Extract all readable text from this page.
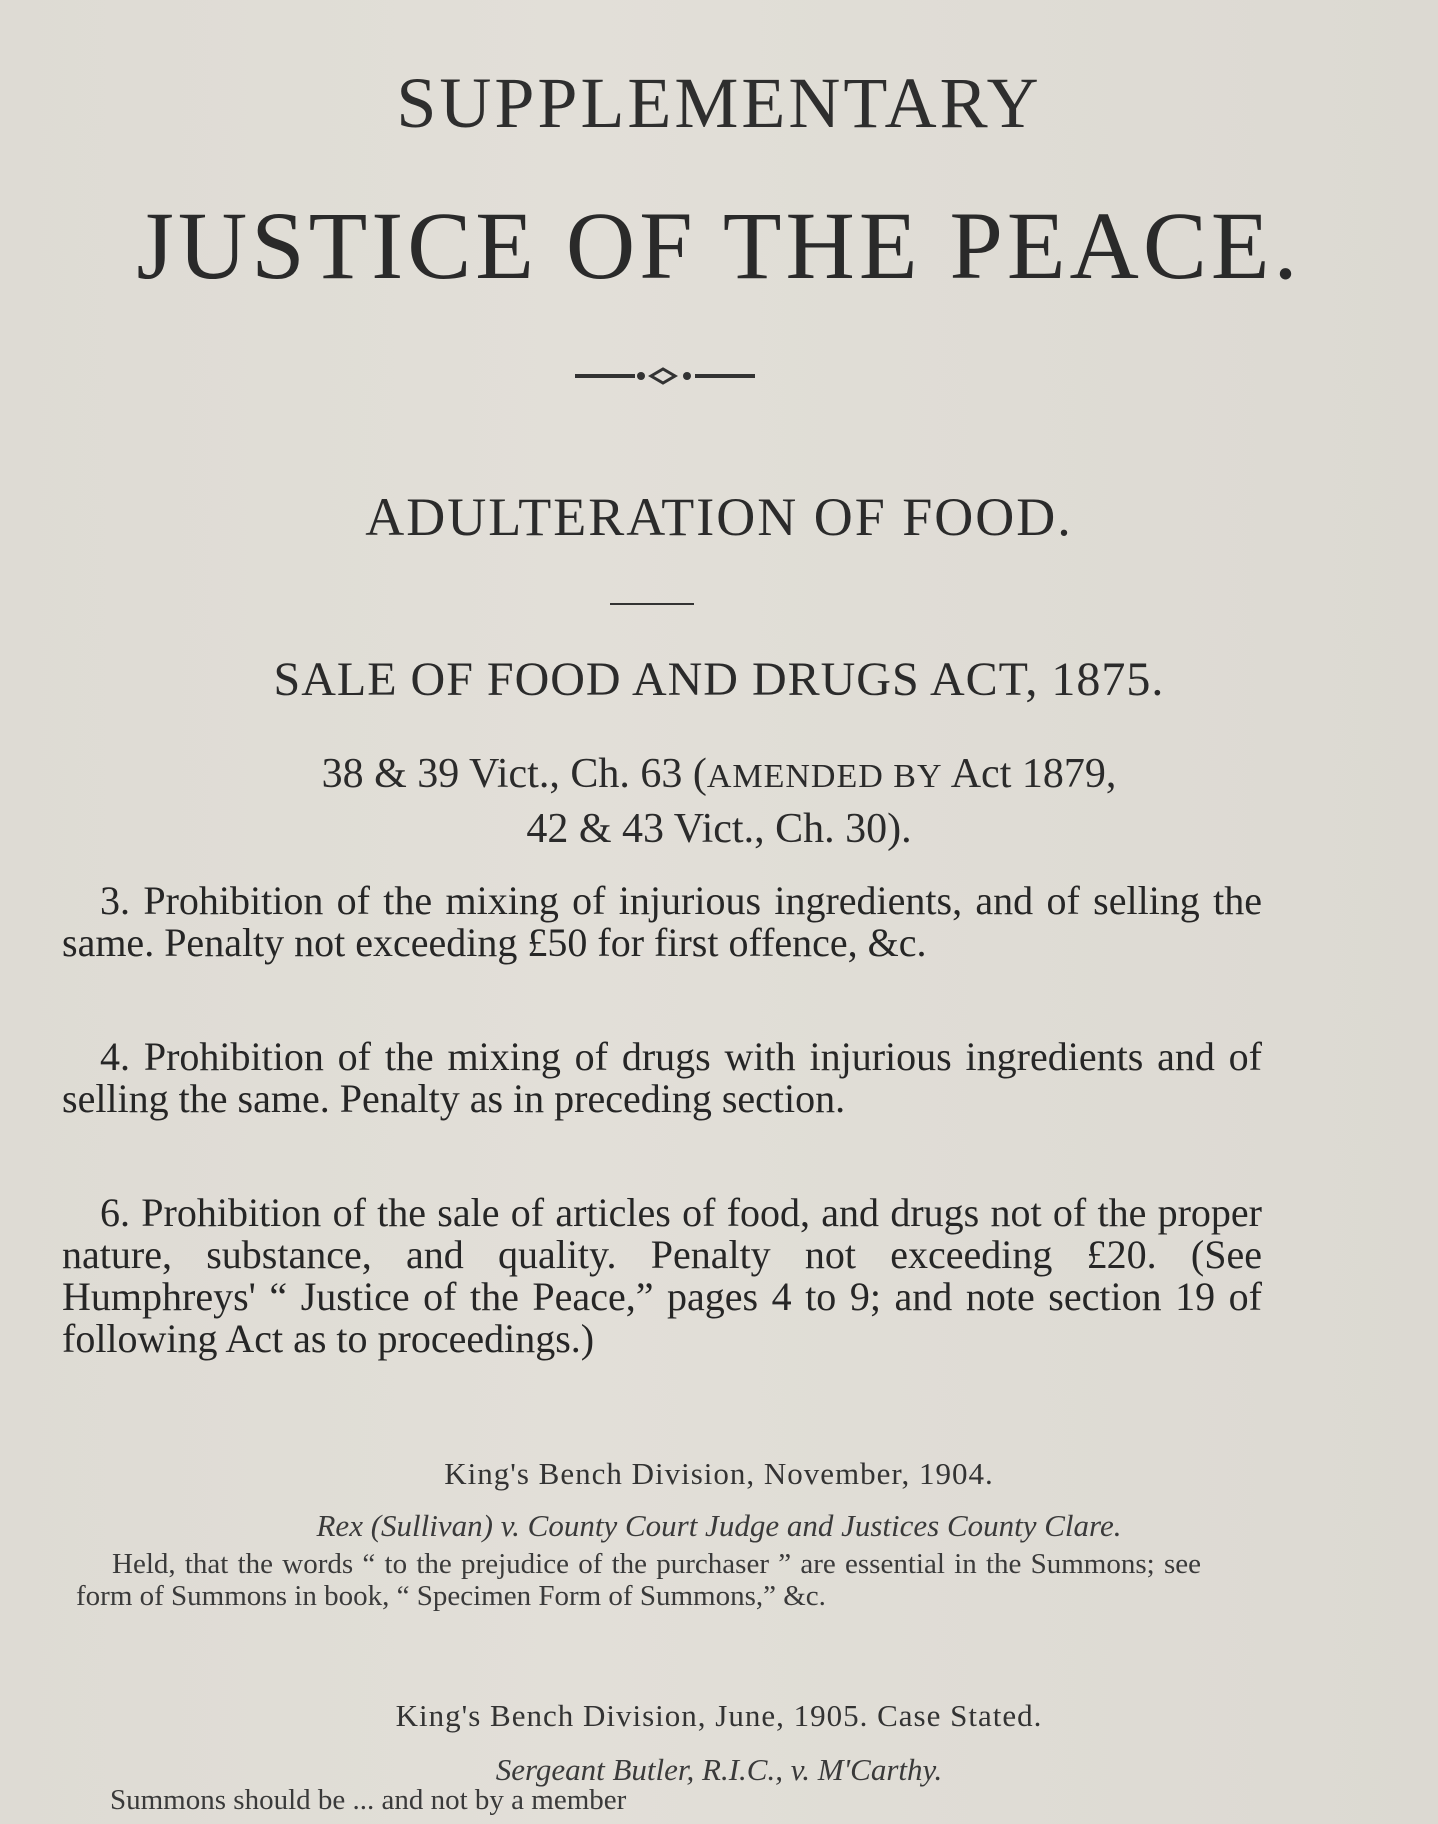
SUPPLEMENTARY
JUSTICE OF THE PEACE.
ADULTERATION OF FOOD.
SALE OF FOOD AND DRUGS ACT, 1875.
38 & 39 Vict., Ch. 63 (AMENDED BY Act 1879,
42 & 43 Vict., Ch. 30).
3. Prohibition of the mixing of injurious ingredients, and of selling the same. Penalty not exceeding £50 for first offence, &c.
4. Prohibition of the mixing of drugs with injurious ingredients and of selling the same. Penalty as in preceding section.
6. Prohibition of the sale of articles of food, and drugs not of the proper nature, substance, and quality. Penalty not exceeding £20. (See Humphreys' “ Justice of the Peace,” pages 4 to 9; and note section 19 of following Act as to proceedings.)
King's Bench Division, November, 1904.
Rex (Sullivan) v. County Court Judge and Justices County Clare.
Held, that the words “ to the prejudice of the purchaser ” are essential in the Summons; see form of Summons in book, “ Specimen Form of Summons,” &c.
King's Bench Division, June, 1905. Case Stated.
Sergeant Butler, R.I.C., v. M'Carthy.
Summons should be ... and not by a member
